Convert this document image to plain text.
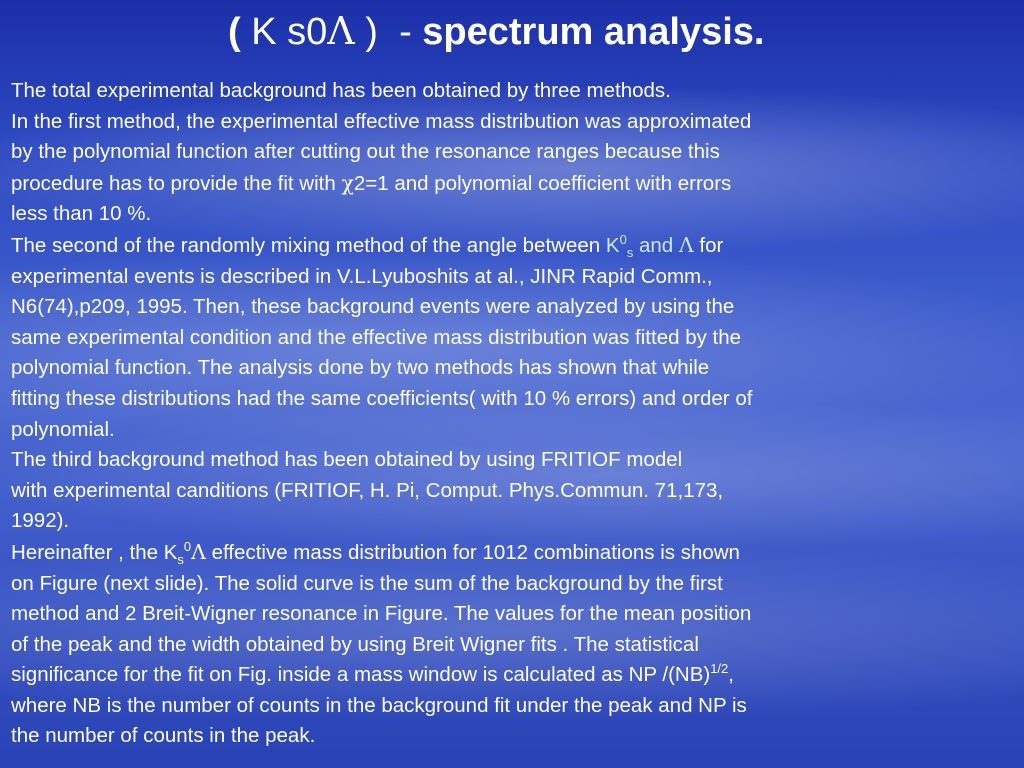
( K s0Λ ) - spectrum analysis.
The total experimental background has been obtained by three methods.
In the first method, the experimental effective mass distribution was approximated
by the polynomial function after cutting out the resonance ranges because this
procedure has to provide the fit with χ2=1 and polynomial coefficient with errors
less than 10 %.
The second of the randomly mixing method of the angle between $K^0_s$ and Λ for
experimental events is described in V.L.Lyuboshits at al., JINR Rapid Comm.,
N6(74),p209, 1995. Then, these background events were analyzed by using the
same experimental condition and the effective mass distribution was fitted by the
polynomial function. The analysis done by two methods has shown that while
fitting these distributions had the same coefficients( with 10 % errors) and order of
polynomial.
The third background method has been obtained by using FRITIOF model
with experimental canditions (FRITIOF, H. Pi, Comput. Phys.Commun. 71,173,
1992).
Hereinafter , the $K_s^0\Lambda$ effective mass distribution for 1012 combinations is shown
on Figure (next slide). The solid curve is the sum of the background by the first
method and 2 Breit-Wigner resonance in Figure. The values for the mean position
of the peak and the width obtained by using Breit Wigner fits . The statistical
significance for the fit on Fig. inside a mass window is calculated as NP /(NB)$^{1/2}$,
where NB is the number of counts in the background fit under the peak and NP is
the number of counts in the peak.
